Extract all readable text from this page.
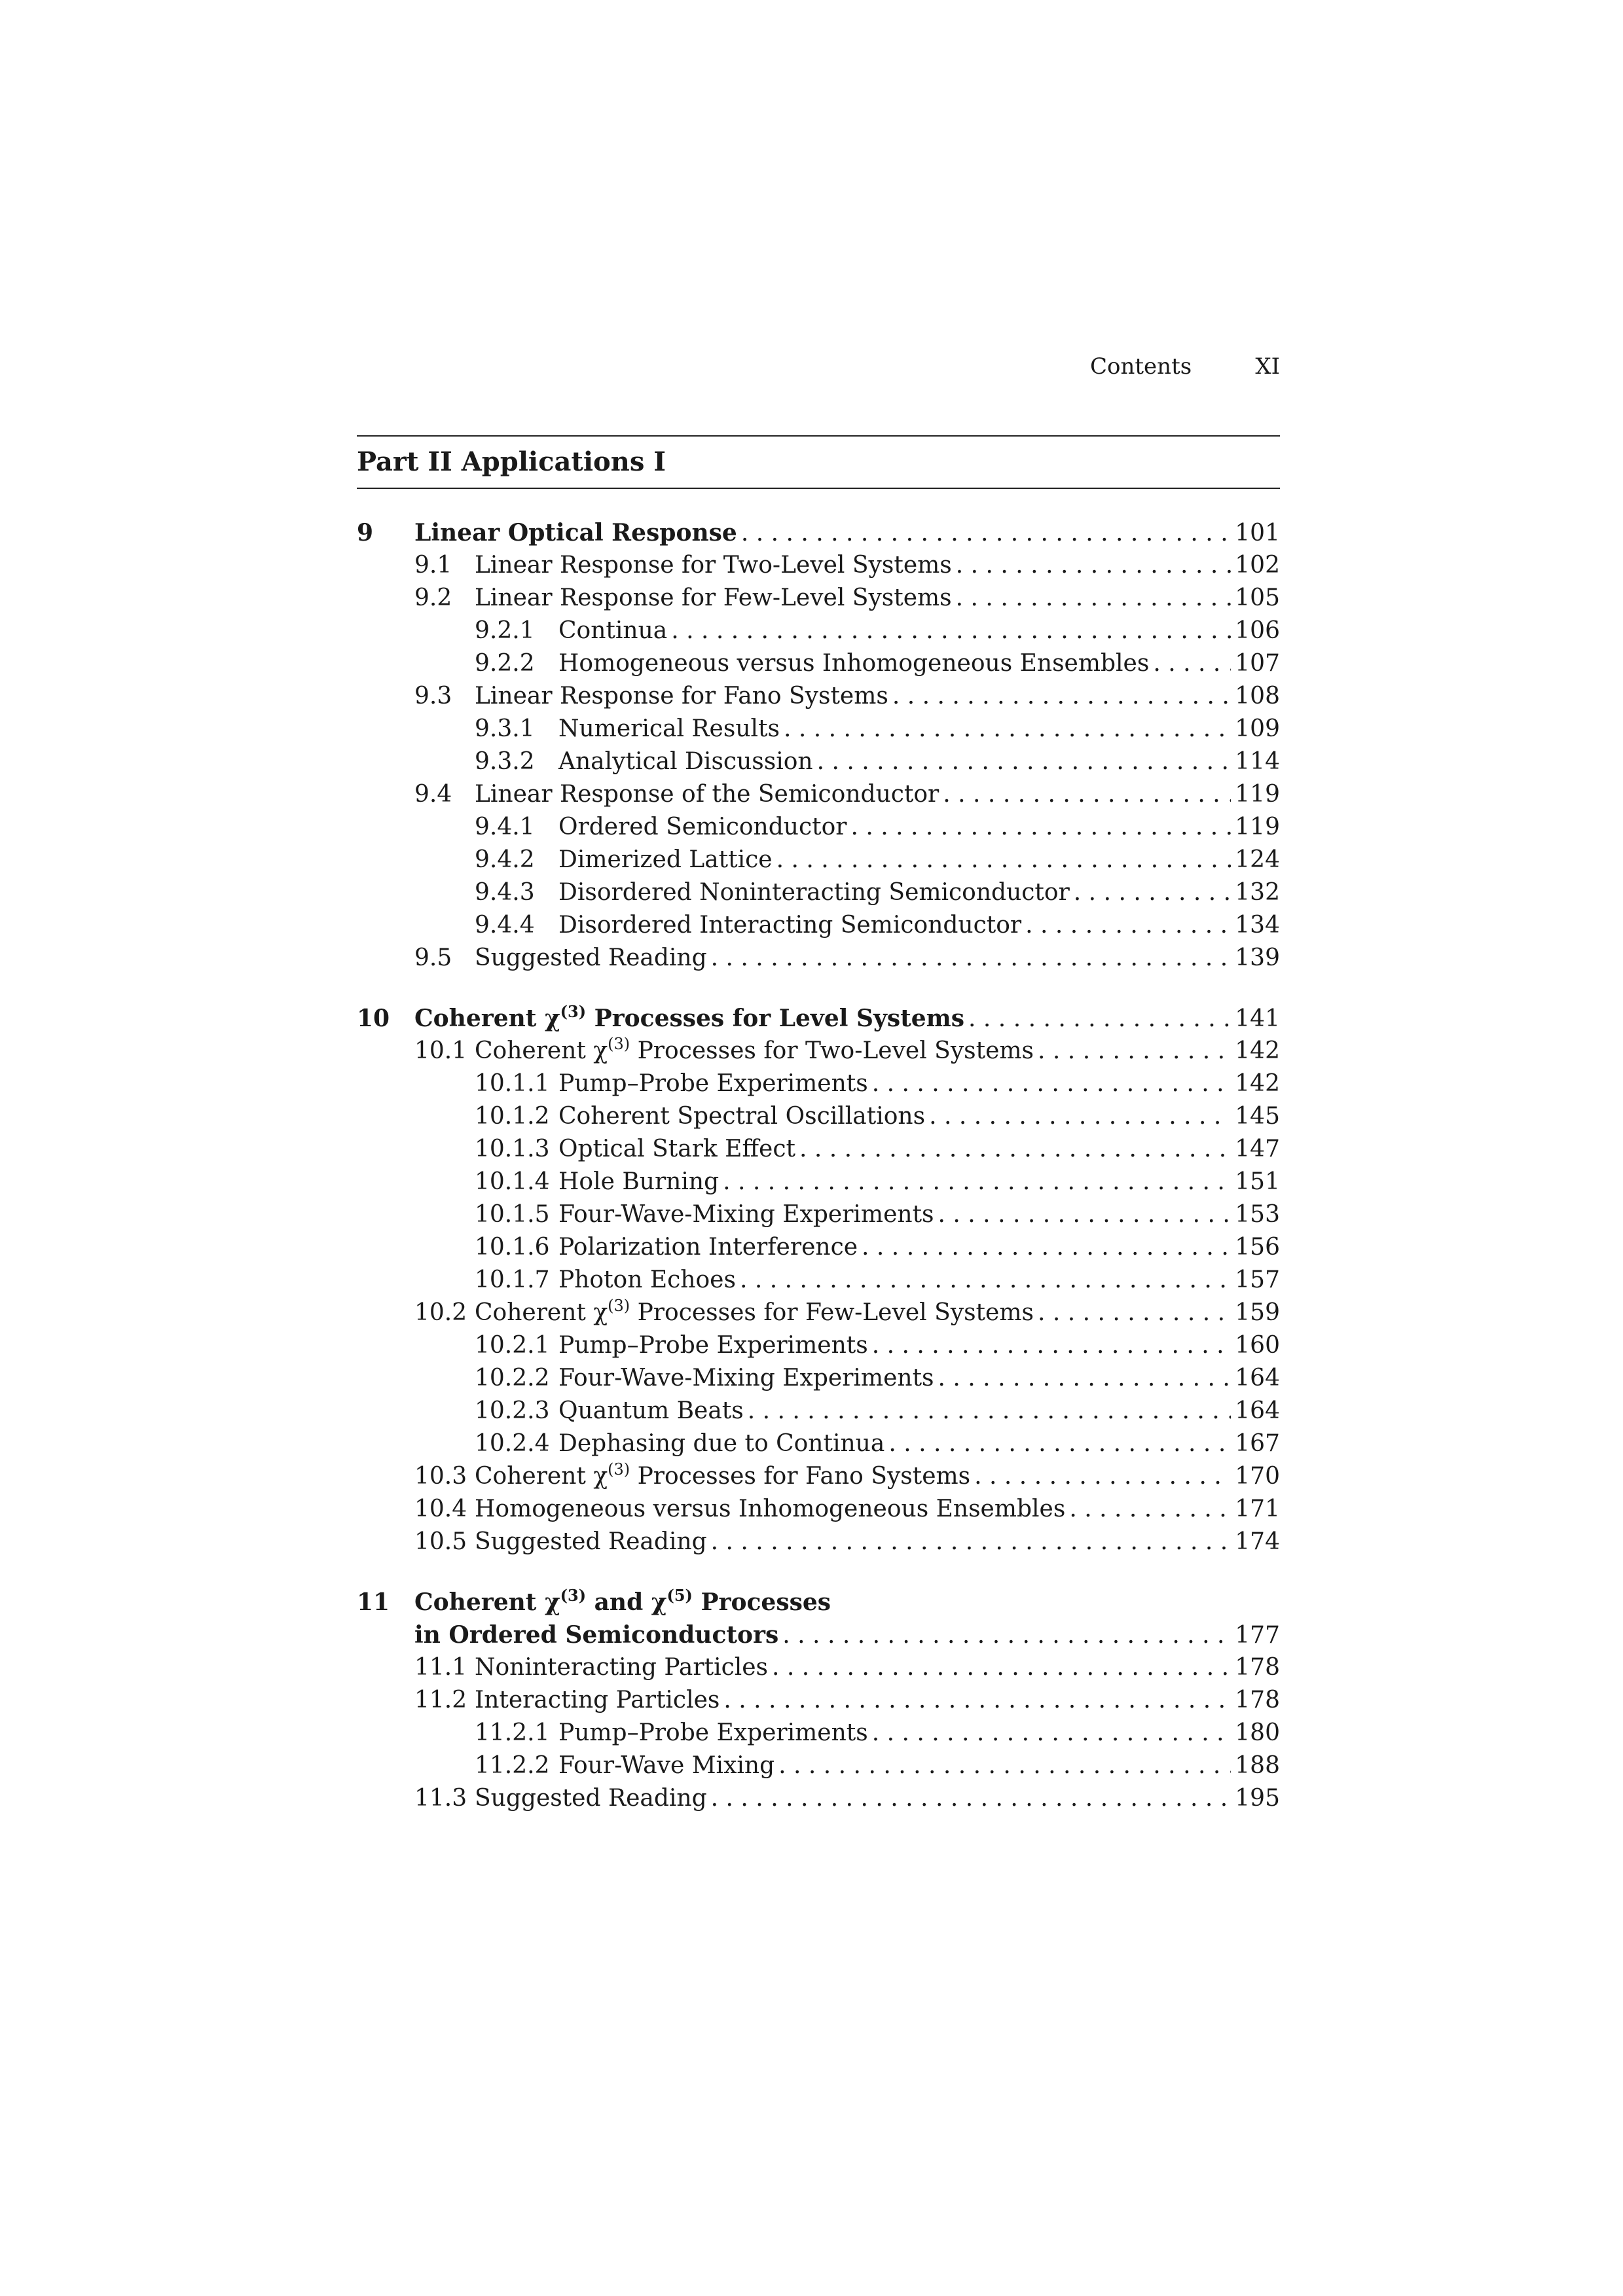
Contents	XI
Part II Applications I
9 Linear Optical Response . . .	101
9.1 Linear Response for Two-Level Systems . . .	102
9.2 Linear Response for Few-Level Systems . . .	105
9.2.1 Continua . . .	106
9.2.2 Homogeneous versus Inhomogeneous Ensembles . . .	107
9.3 Linear Response for Fano Systems . . .	108
9.3.1 Numerical Results . . .	109
9.3.2 Analytical Discussion . . .	114
9.4 Linear Response of the Semiconductor . . .	119
9.4.1 Ordered Semiconductor . . .	119
9.4.2 Dimerized Lattice . . .	124
9.4.3 Disordered Noninteracting Semiconductor . . .	132
9.4.4 Disordered Interacting Semiconductor . . .	134
9.5 Suggested Reading . . .	139
10 Coherent $\chi^{(3)}$ Processes for Level Systems . . .	141
10.1 Coherent $\chi^{(3)}$ Processes for Two-Level Systems . . .	142
10.1.1 Pump–Probe Experiments . . .	142
10.1.2 Coherent Spectral Oscillations . . .	145
10.1.3 Optical Stark Effect . . .	147
10.1.4 Hole Burning . . .	151
10.1.5 Four-Wave-Mixing Experiments . . .	153
10.1.6 Polarization Interference . . .	156
10.1.7 Photon Echoes . . .	157
10.2 Coherent $\chi^{(3)}$ Processes for Few-Level Systems . . .	159
10.2.1 Pump–Probe Experiments . . .	160
10.2.2 Four-Wave-Mixing Experiments . . .	164
10.2.3 Quantum Beats . . .	164
10.2.4 Dephasing due to Continua . . .	167
10.3 Coherent $\chi^{(3)}$ Processes for Fano Systems . . .	170
10.4 Homogeneous versus Inhomogeneous Ensembles . . .	171
10.5 Suggested Reading . . .	174
11 Coherent $\chi^{(3)}$ and $\chi^{(5)}$ Processes
in Ordered Semiconductors . . .	177
11.1 Noninteracting Particles . . .	178
11.2 Interacting Particles . . .	178
11.2.1 Pump–Probe Experiments . . .	180
11.2.2 Four-Wave Mixing . . .	188
11.3 Suggested Reading . . .	195
